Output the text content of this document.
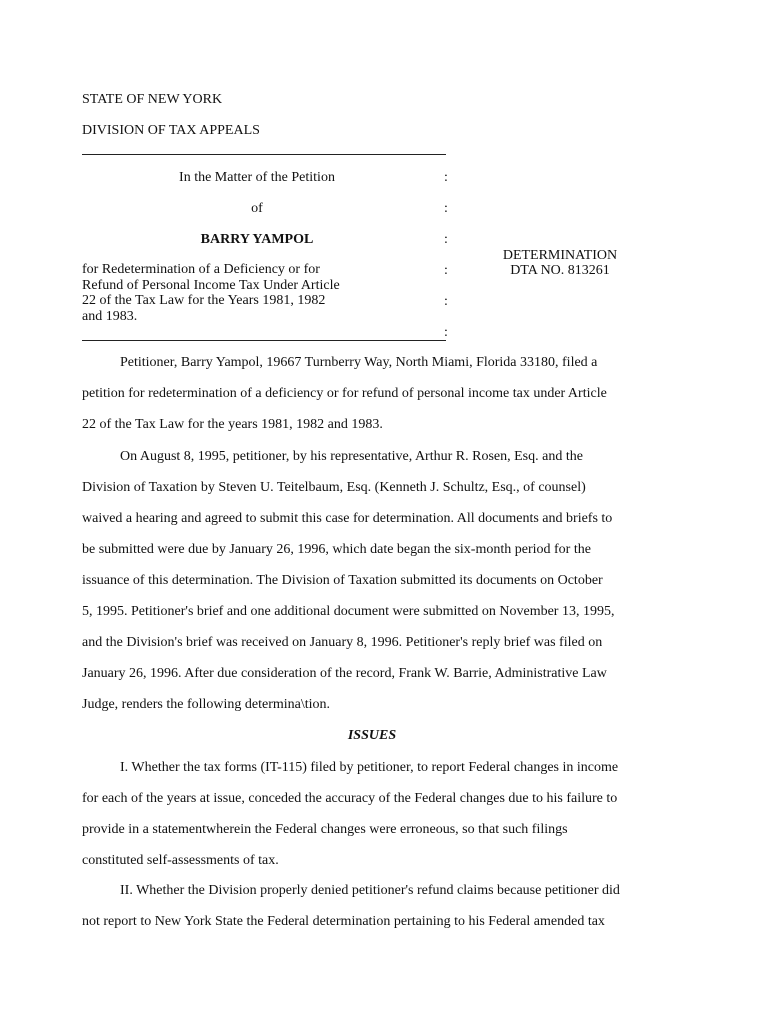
STATE OF NEW YORK
DIVISION OF TAX APPEALS
In the Matter of the Petition
of
BARRY YAMPOL
for Redetermination of a Deficiency or for
Refund of Personal Income Tax Under Article
22 of the Tax Law for the Years 1981, 1982
and 1983.
:
:
:
:
:
:
DETERMINATION
DTA NO. 813261
Petitioner, Barry Yampol, 19667 Turnberry Way, North Miami, Florida 33180, filed a
petition for redetermination of a deficiency or for refund of personal income tax under Article
22 of the Tax Law for the years 1981, 1982 and 1983.
On August 8, 1995, petitioner, by his representative, Arthur R. Rosen, Esq. and the
Division of Taxation by Steven U. Teitelbaum, Esq. (Kenneth J. Schultz, Esq., of counsel)
waived a hearing and agreed to submit this case for determination. All documents and briefs to
be submitted were due by January 26, 1996, which date began the six-month period for the
issuance of this determination. The Division of Taxation submitted its documents on October
5, 1995. Petitioner's brief and one additional document were submitted on November 13, 1995,
and the Division's brief was received on January 8, 1996. Petitioner's reply brief was filed on
January 26, 1996. After due consideration of the record, Frank W. Barrie, Administrative Law
Judge, renders the following determina\tion.
ISSUES
I. Whether the tax forms (IT-115) filed by petitioner, to report Federal changes in income
for each of the years at issue, conceded the accuracy of the Federal changes due to his failure to
provide in a statementwherein the Federal changes were erroneous, so that such filings
constituted self-assessments of tax.
II. Whether the Division properly denied petitioner's refund claims because petitioner did
not report to New York State the Federal determination pertaining to his Federal amended tax
